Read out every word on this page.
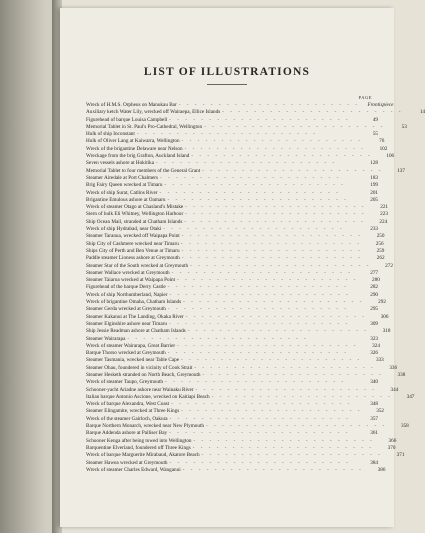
LIST OF ILLUSTRATIONS
PAGE
Wreck of H.M.S. Orpheus on Manukau Bar - - - - - - - - - - - - - - - - - - - - - - -	Frontispiece
Auxiliary ketch Water Lily, wrecked off Wairaepa, Ellice Islands - - - - - - - - - - - - - - - - - - - - - - -	14
Figurehead of barque Louisa Campbell - - - - - - - - - - - - - - - - - - - - - - -	49
Memorial Tablet in St. Paul's Pro-Cathedral, Wellington - - - - - - - - - - - - - - - - - - - - - - -	53
Hulk of ship Inconstant - - - - - - - - - - - - - - - - - - - - - - -	55
Hulk of Oliver Lang at Kaiwarra, Wellington - - - - - - - - - - - - - - - - - - - - - - -	76
Wreck of the brigantine Delaware near Nelson - - - - - - - - - - - - - - - - - - - - - - -	102
Wreckage from the brig Grafton, Auckland Island - - - - - - - - - - - - - - - - - - - - - - -	106
Seven vessels ashore at Hokitika - - - - - - - - - - - - - - - - - - - - - - -	128
Memorial Tablet to four members of the General Grant - - - - - - - - - - - - - - - - - - - - - - -	137
Steamer Airedale at Port Chalmers - - - - - - - - - - - - - - - - - - - - - - -	183
Brig Fairy Queen wrecked at Timaru - - - - - - - - - - - - - - - - - - - - - - -	199
Wreck of ship Surat, Catlins River - - - - - - - - - - - - - - - - - - - - - - -	201
Brigantine Emulous ashore at Oamaru - - - - - - - - - - - - - - - - - - - - - - -	205
Wreck of steamer Otago at Chasland's Mistake - - - - - - - - - - - - - - - - - - - - - - -	221
Stern of hulk Eli Whitney, Wellington Harbour - - - - - - - - - - - - - - - - - - - - - - -	223
Ship Ocean Mail, stranded at Chatham Islands - - - - - - - - - - - - - - - - - - - - - - -	224
Wreck of ship Hydrabad, near Otaki - - - - - - - - - - - - - - - - - - - - - - -	233
Steamer Taranua, wrecked off Waipapa Point - - - - - - - - - - - - - - - - - - - - - - -	250
Ship City of Cashmere wrecked near Timaru - - - - - - - - - - - - - - - - - - - - - - -	256
Ships City of Perth and Ben Venue at Timaru - - - - - - - - - - - - - - - - - - - - - - -	259
Paddle steamer Lioness ashore at Greymouth - - - - - - - - - - - - - - - - - - - - - - -	262
Steamer Star of the South wrecked at Greymouth - - - - - - - - - - - - - - - - - - - - - - -	272
Steamer Wallace wrecked at Greymouth - - - - - - - - - - - - - - - - - - - - - - -	277
Steamer Taiaroa wrecked at Waipapa Point - - - - - - - - - - - - - - - - - - - - - - -	280
Figurehead of the barque Derry Castle - - - - - - - - - - - - - - - - - - - - - - -	282
Wreck of ship Northumberland, Napier - - - - - - - - - - - - - - - - - - - - - - -	290
Wreck of brigantine Omaha, Chatham Islands - - - - - - - - - - - - - - - - - - - - - - -	292
Steamer Gerda wrecked at Greymouth - - - - - - - - - - - - - - - - - - - - - - -	295
Steamer Kakanui at The Landing, Okaka River - - - - - - - - - - - - - - - - - - - - - - -	306
Steamer Elginshire ashore near Timaru - - - - - - - - - - - - - - - - - - - - - - -	309
Ship Jessie Readman ashore at Chatham Islands - - - - - - - - - - - - - - - - - - - - - - -	318
Steamer Wairarapa - - - - - - - - - - - - - - - - - - - - - - -	323
Wreck of steamer Wairarapa, Great Barrier - - - - - - - - - - - - - - - - - - - - - - -	324
Barque Thorso wrecked at Greymouth - - - - - - - - - - - - - - - - - - - - - - -	326
Steamer Tasmania, wrecked near Table Cape - - - - - - - - - - - - - - - - - - - - - - -	333
Steamer Ohau, foundered in vicinity of Cook Strait - - - - - - - - - - - - - - - - - - - - - - -	336
Steamer Hesketh stranded on North Beach, Greymouth - - - - - - - - - - - - - - - - - - - - - - -	338
Wreck of steamer Taupo, Greymouth - - - - - - - - - - - - - - - - - - - - - - -	340
Schooner-yacht Ariadne ashore near Wainaku River - - - - - - - - - - - - - - - - - - - - - - -	344
Italian barque Antonio Ascione, wrecked on Kaitiapi Beach - - - - - - - - - - - - - - - - - - - - - - -	347
Wreck of barque Alexandra, West Coast - - - - - - - - - - - - - - - - - - - - - - -	348
Steamer Elingamite, wrecked at Three Kings - - - - - - - - - - - - - - - - - - - - - - -	352
Wreck of the steamer Gairloch, Oakura - - - - - - - - - - - - - - - - - - - - - - -	357
Barque Northern Monarch, wrecked near New Plymouth - - - - - - - - - - - - - - - - - - - - - - -	358
Barque Addenda ashore at Palliser Bay - - - - - - - - - - - - - - - - - - - - - - -	361
Schooner Kenga after being towed into Wellington - - - - - - - - - - - - - - - - - - - - - - -	366
Barquentine Elverland, foundered off Three Kings - - - - - - - - - - - - - - - - - - - - - - -	370
Wreck of barque Marguerite Mirabaud, Akatore Beach - - - - - - - - - - - - - - - - - - - - - - -	371
Steamer Hawea wrecked at Greymouth - - - - - - - - - - - - - - - - - - - - - - -	384
Wreck of steamer Charles Edward, Wanganui - - - - - - - - - - - - - - - - - - - - - - -	386
